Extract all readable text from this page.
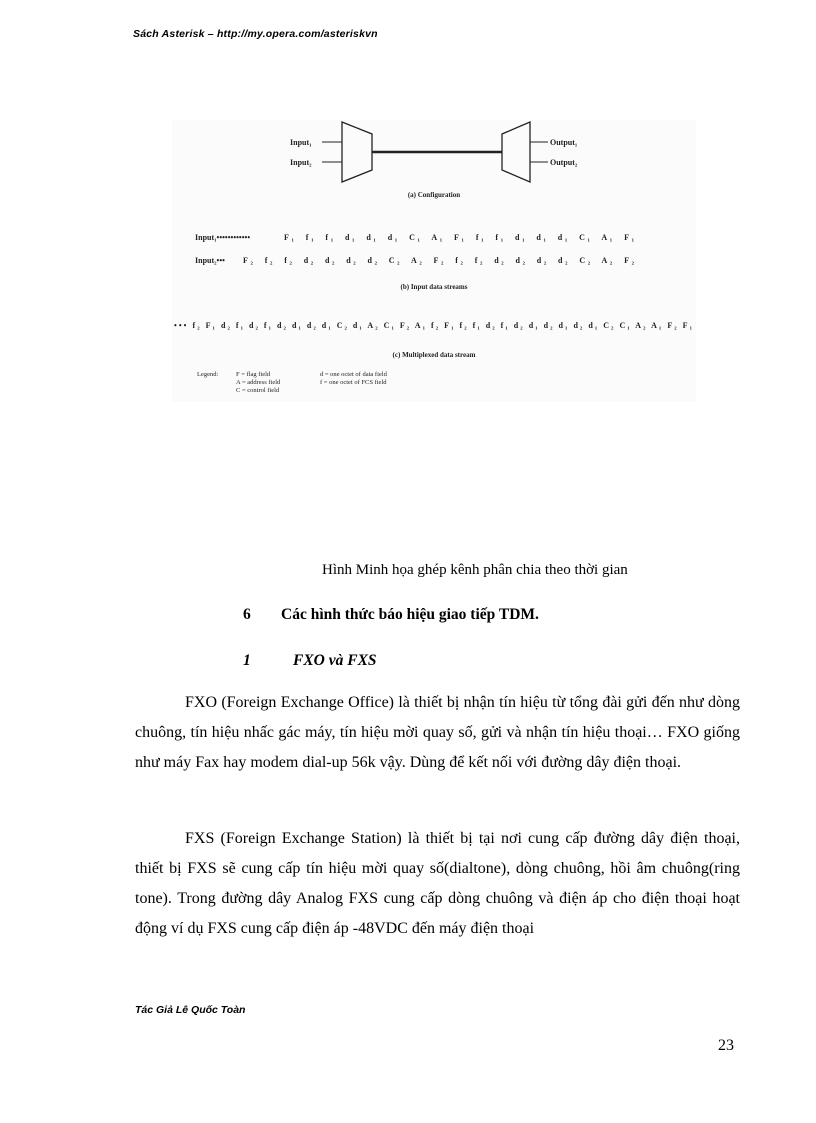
Sách Asterisk – http://my.opera.com/asteriskvn
Input₁
Input₂
Output₁
Output₂
(a) Configuration
Input₁••••••••••••	F₁  f₁  f₁  d₁  d₁  d₁  C₁  A₁  F₁  f₁  f₁  d₁  d₁  d₁  C₁  A₁  F₁
Input₂••• F₂  f₂  f₂  d₂  d₂  d₂  d₂  C₂  A₂  F₂  f₂  f₂  d₂  d₂  d₂  d₂  C₂  A₂  F₂
(b) Input data streams
••• f₂ F₁ d₂ f₁ d₂ f₁ d₂ d₁ d₂ d₁ C₂ d₁ A₂ C₁ F₂ A₁ f₂ F₁ f₂ f₁ d₂ f₁ d₂ d₁ d₂ d₁ d₂ d₁ C₂ C₁ A₂ A₁ F₂ F₁
(c) Multiplexed data stream
Legend:	F = flag field
A = address field
C = control field
d = one octet of data field
f = one octet of FCS field
Hình Minh họa ghép kênh phân chia theo thời gian
6 Các hình thức báo hiệu giao tiếp TDM.
1	FXO và FXS

FXO (Foreign Exchange Office) là thiết bị nhận tín hiệu từ tổng đài gửi đến như dòng chuông, tín hiệu nhấc gác máy, tín hiệu mời quay số, gửi và nhận tín hiệu thoại… FXO giống như máy Fax hay modem dial-up 56k vậy. Dùng để kết nối với đường dây điện thoại.

FXS (Foreign Exchange Station) là thiết bị tại nơi cung cấp đường dây điện thoại, thiết bị FXS sẽ cung cấp tín hiệu mời quay số(dialtone), dòng chuông, hồi âm chuông(ring tone). Trong đường dây Analog FXS cung cấp dòng chuông và điện áp cho điện thoại hoạt động ví dụ FXS cung cấp điện áp -48VDC đến máy điện thoại

Tác Giả Lê Quốc Toàn
23
